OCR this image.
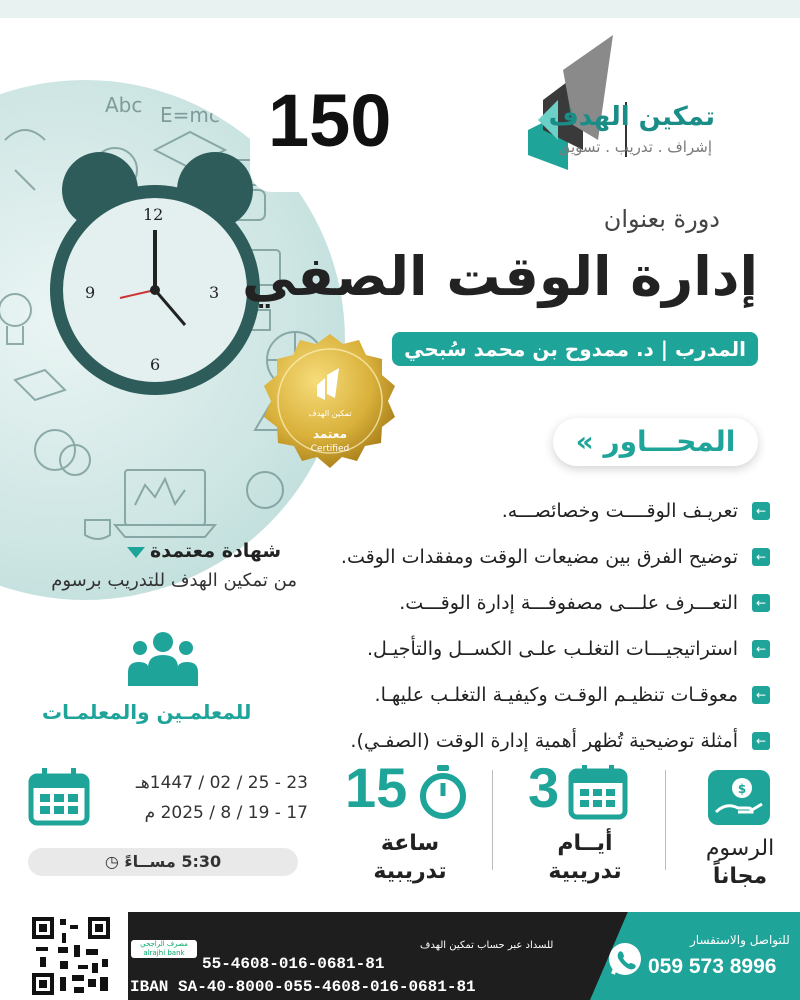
Abc E=mc²
12
3
6
9
150	تمكين الهدف
إشراف . تدريب . تسويق
دورة بعنوان
إدارة الوقت الصفي
المدرب | د. ممدوح بن محمد سُبحي
تمكين الهدف
معتمد
Certified	المحـــاور »
←
تعريـف الوقــــت وخصائصـــه.
←
توضيح الفرق بين مضيعات الوقت ومفقدات الوقت.
←
التعـــرف علـــى مصفوفـــة إدارة الوقـــت.
←
استراتيجيـــات التغلـب علـى الكســل والتأجيـل.
←
معوقـات تنظيـم الوقـت وكيفيـة التغلـب عليهـا.
←
أمثلة توضيحية تُظهر أهمية إدارة الوقت (الصفـي).
شهادة معتمدة
من تمكين الهدف للتدريب برسوم
للمعلمـين والمعلمـات
15
ساعة
تدريبية
3
أيــام
تدريبية
$
الرسوم
مجاناً
23 - 25 / 02 / 1447هـ
17 - 19 / 8 / 2025 م
5:30 مســاءً ◷
مصرف الراجحي
alrajhi bank
للسداد عبر حساب تمكين الهدف
55-4608-016-0681-81
IBAN SA-40-8000-055-4608-016-0681-81
للتواصل والاستفسار
059 573 8996
